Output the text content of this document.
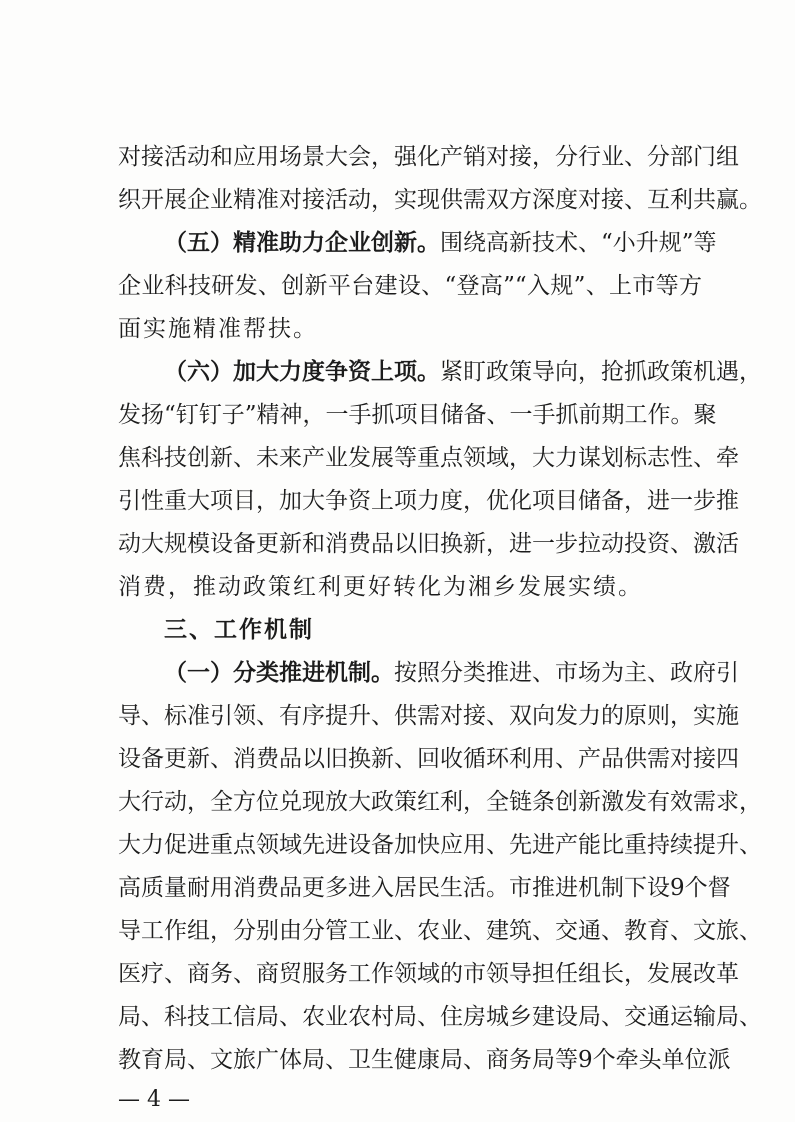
对接活动和应用场景大会，强化产销对接，分行业、分部门组
织开展企业精准对接活动，实现供需双方深度对接、互利共赢。
（五）精准助力企业创新。围绕高新技术、“小升规”等
企业科技研发、创新平台建设、“登高”“入规”、上市等方
面实施精准帮扶。
（六）加大力度争资上项。紧盯政策导向，抢抓政策机遇，
发扬“钉钉子”精神，一手抓项目储备、一手抓前期工作。聚
焦科技创新、未来产业发展等重点领域，大力谋划标志性、牵
引性重大项目，加大争资上项力度，优化项目储备，进一步推
动大规模设备更新和消费品以旧换新，进一步拉动投资、激活
消费，推动政策红利更好转化为湘乡发展实绩。
三、工作机制
（一）分类推进机制。按照分类推进、市场为主、政府引
导、标准引领、有序提升、供需对接、双向发力的原则，实施
设备更新、消费品以旧换新、回收循环利用、产品供需对接四
大行动，全方位兑现放大政策红利，全链条创新激发有效需求，
大力促进重点领域先进设备加快应用、先进产能比重持续提升、
高质量耐用消费品更多进入居民生活。市推进机制下设9个督
导工作组，分别由分管工业、农业、建筑、交通、教育、文旅、
医疗、商务、商贸服务工作领域的市领导担任组长，发展改革
局、科技工信局、农业农村局、住房城乡建设局、交通运输局、
教育局、文旅广体局、卫生健康局、商务局等9个牵头单位派
— 4 —
